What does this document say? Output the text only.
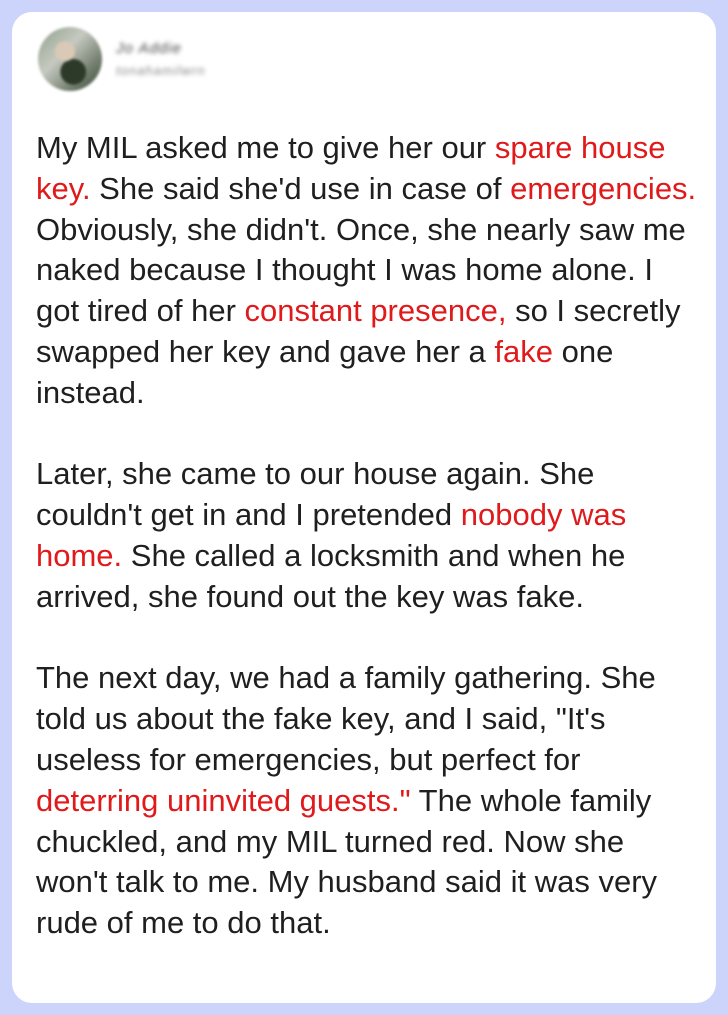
Jo Addie
tonahamilwrn

My MIL asked me to give her our spare house key. She said she'd use in case of emergencies. Obviously, she didn't. Once, she nearly saw me naked because I thought I was home alone. I got tired of her constant presence, so I secretly swapped her key and gave her a fake one instead.

Later, she came to our house again. She couldn't get in and I pretended nobody was home. She called a locksmith and when he arrived, she found out the key was fake.

The next day, we had a family gathering. She told us about the fake key, and I said, "It's useless for emergencies, but perfect for deterring uninvited guests." The whole family chuckled, and my MIL turned red. Now she won't talk to me. My husband said it was very rude of me to do that.
